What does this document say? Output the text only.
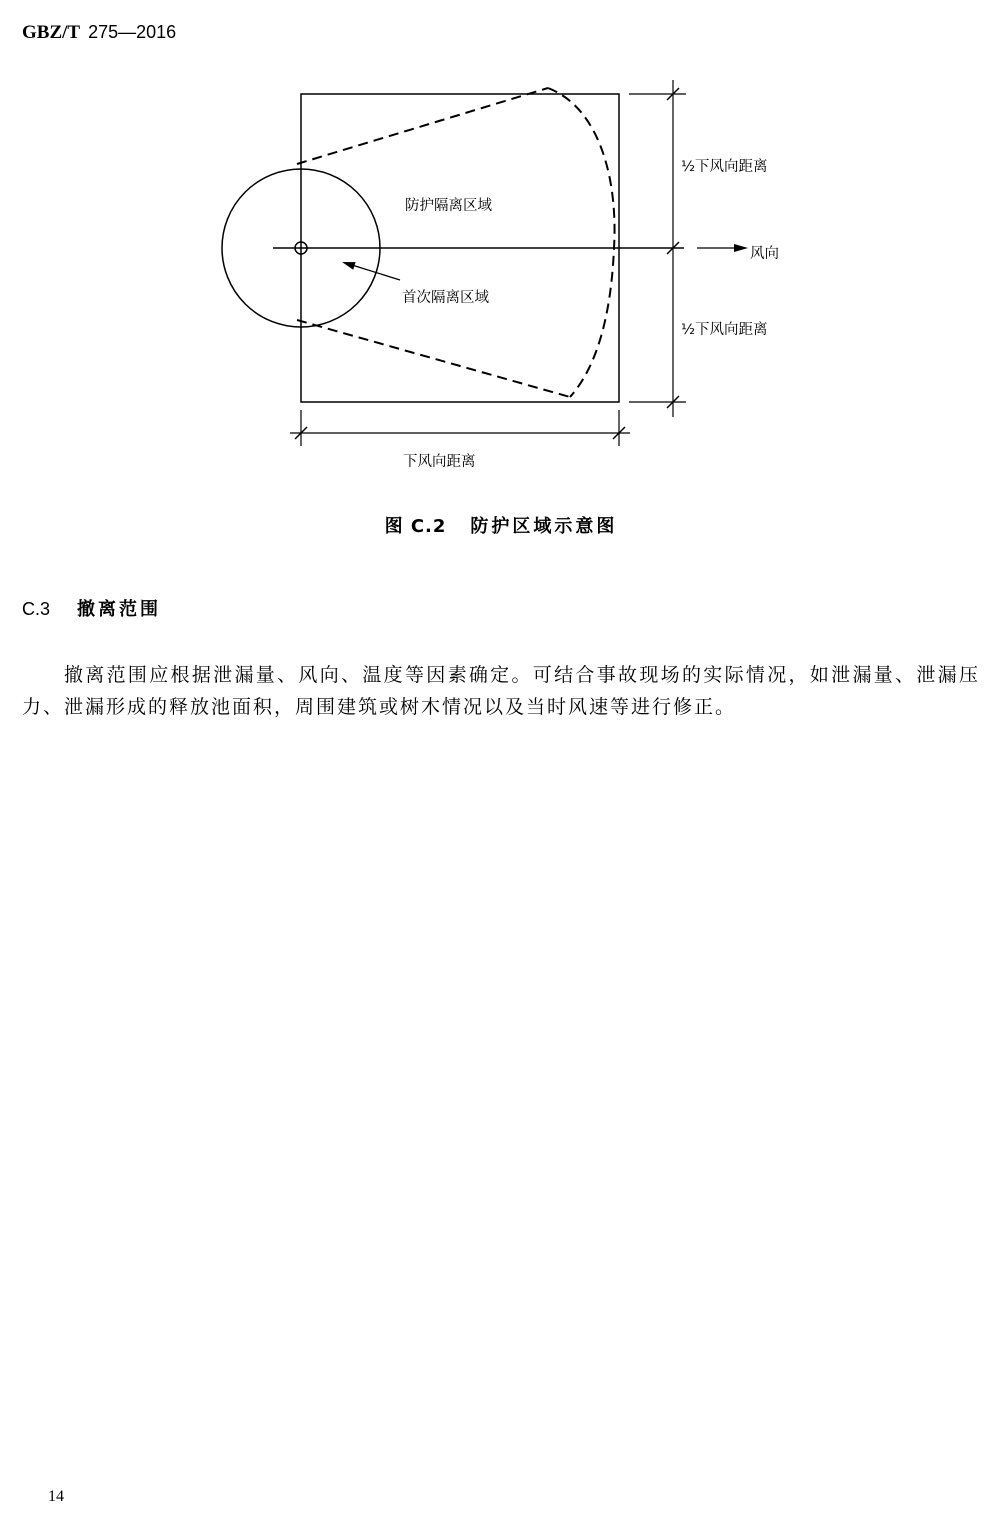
GBZ/T 275—2016
防护隔离区域
首次隔离区域
½下风向距离
½下风向距离
风向
下风向距离
图 C.2 防护区域示意图
C.3 撤离范围
撤离范围应根据泄漏量、风向、温度等因素确定。可结合事故现场的实际情况，如泄漏量、泄漏压
力、泄漏形成的释放池面积，周围建筑或树木情况以及当时风速等进行修正。
14
